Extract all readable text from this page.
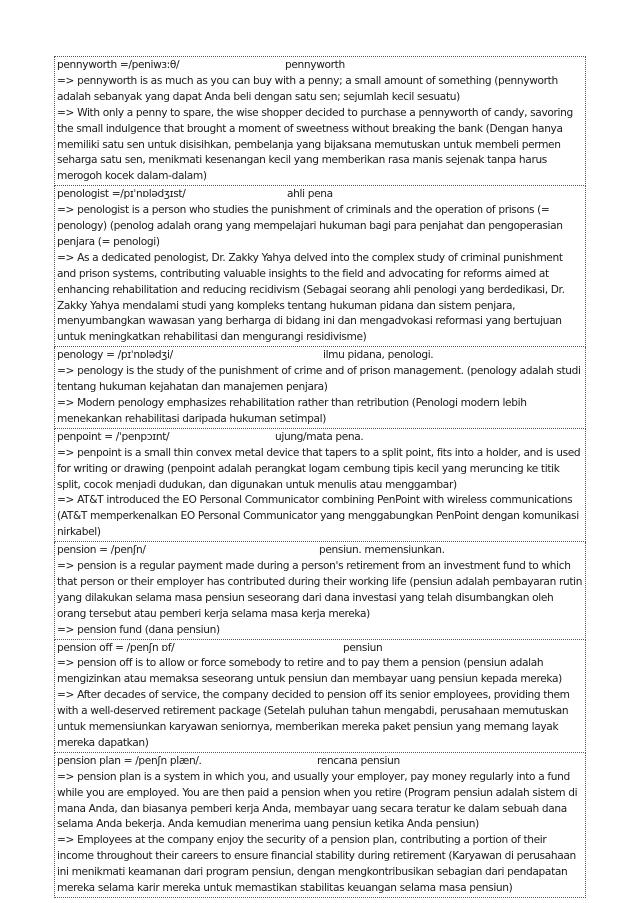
pennyworth =/peniwɜ:θ/	pennyworth

=> pennyworth is as much as you can buy with a penny; a small amount of something (pennyworth adalah sebanyak yang dapat Anda beli dengan satu sen; sejumlah kecil sesuatu)

=> With only a penny to spare, the wise shopper decided to purchase a pennyworth of candy, savoring the small indulgence that brought a moment of sweetness without breaking the bank (Dengan hanya memiliki satu sen untuk disisihkan, pembelanja yang bijaksana memutuskan untuk membeli permen seharga satu sen, menikmati kesenangan kecil yang memberikan rasa manis sejenak tanpa harus merogoh kocek dalam-dalam)

penologist =/pɪˈnɒlədʒɪst/	ahli pena

=> penologist is a person who studies the punishment of criminals and the operation of prisons (= penology) (penolog adalah orang yang mempelajari hukuman bagi para penjahat dan pengoperasian penjara (= penologi)

=> As a dedicated penologist, Dr. Zakky Yahya delved into the complex study of criminal punishment and prison systems, contributing valuable insights to the field and advocating for reforms aimed at enhancing rehabilitation and reducing recidivism (Sebagai seorang ahli penologi yang berdedikasi, Dr. Zakky Yahya mendalami studi yang kompleks tentang hukuman pidana dan sistem penjara, menyumbangkan wawasan yang berharga di bidang ini dan mengadvokasi reformasi yang bertujuan untuk meningkatkan rehabilitasi dan mengurangi residivisme)

penology = /pɪˈnɒlədʒi/	ilmu pidana, penologi.

=> penology is the study of the punishment of crime and of prison management. (penology adalah studi tentang hukuman kejahatan dan manajemen penjara)

=> Modern penology emphasizes rehabilitation rather than retribution (Penologi modern lebih menekankan rehabilitasi daripada hukuman setimpal)

penpoint = /ˈpenpɔɪnt/	ujung/mata pena.

=> penpoint is a small thin convex metal device that tapers to a split point, fits into a holder, and is used for writing or drawing (penpoint adalah perangkat logam cembung tipis kecil yang meruncing ke titik split, cocok menjadi dudukan, dan digunakan untuk menulis atau menggambar)

=> AT&T introduced the EO Personal Communicator combining PenPoint with wireless communications (AT&T memperkenalkan EO Personal Communicator yang menggabungkan PenPoint dengan komunikasi nirkabel)

pension = /penʃn/	pensiun. memensiunkan.

=> pension is a regular payment made during a person's retirement from an investment fund to which that person or their employer has contributed during their working life (pensiun adalah pembayaran rutin yang dilakukan selama masa pensiun seseorang dari dana investasi yang telah disumbangkan oleh orang tersebut atau pemberi kerja selama masa kerja mereka)

=> pension fund (dana pensiun)

pension off = /penʃn ɒf/	pensiun

=> pension off is to allow or force somebody to retire and to pay them a pension (pensiun adalah mengizinkan atau memaksa seseorang untuk pensiun dan membayar uang pensiun kepada mereka)

=> After decades of service, the company decided to pension off its senior employees, providing them with a well-deserved retirement package (Setelah puluhan tahun mengabdi, perusahaan memutuskan untuk memensiunkan karyawan seniornya, memberikan mereka paket pensiun yang memang layak mereka dapatkan)

pension plan = /penʃn plæn/.	rencana pensiun

=> pension plan is a system in which you, and usually your employer, pay money regularly into a fund while you are employed. You are then paid a pension when you retire (Program pensiun adalah sistem di mana Anda, dan biasanya pemberi kerja Anda, membayar uang secara teratur ke dalam sebuah dana selama Anda bekerja. Anda kemudian menerima uang pensiun ketika Anda pensiun)

=> Employees at the company enjoy the security of a pension plan, contributing a portion of their income throughout their careers to ensure financial stability during retirement (Karyawan di perusahaan ini menikmati keamanan dari program pensiun, dengan mengkontribusikan sebagian dari pendapatan mereka selama karir mereka untuk memastikan stabilitas keuangan selama masa pensiun)
